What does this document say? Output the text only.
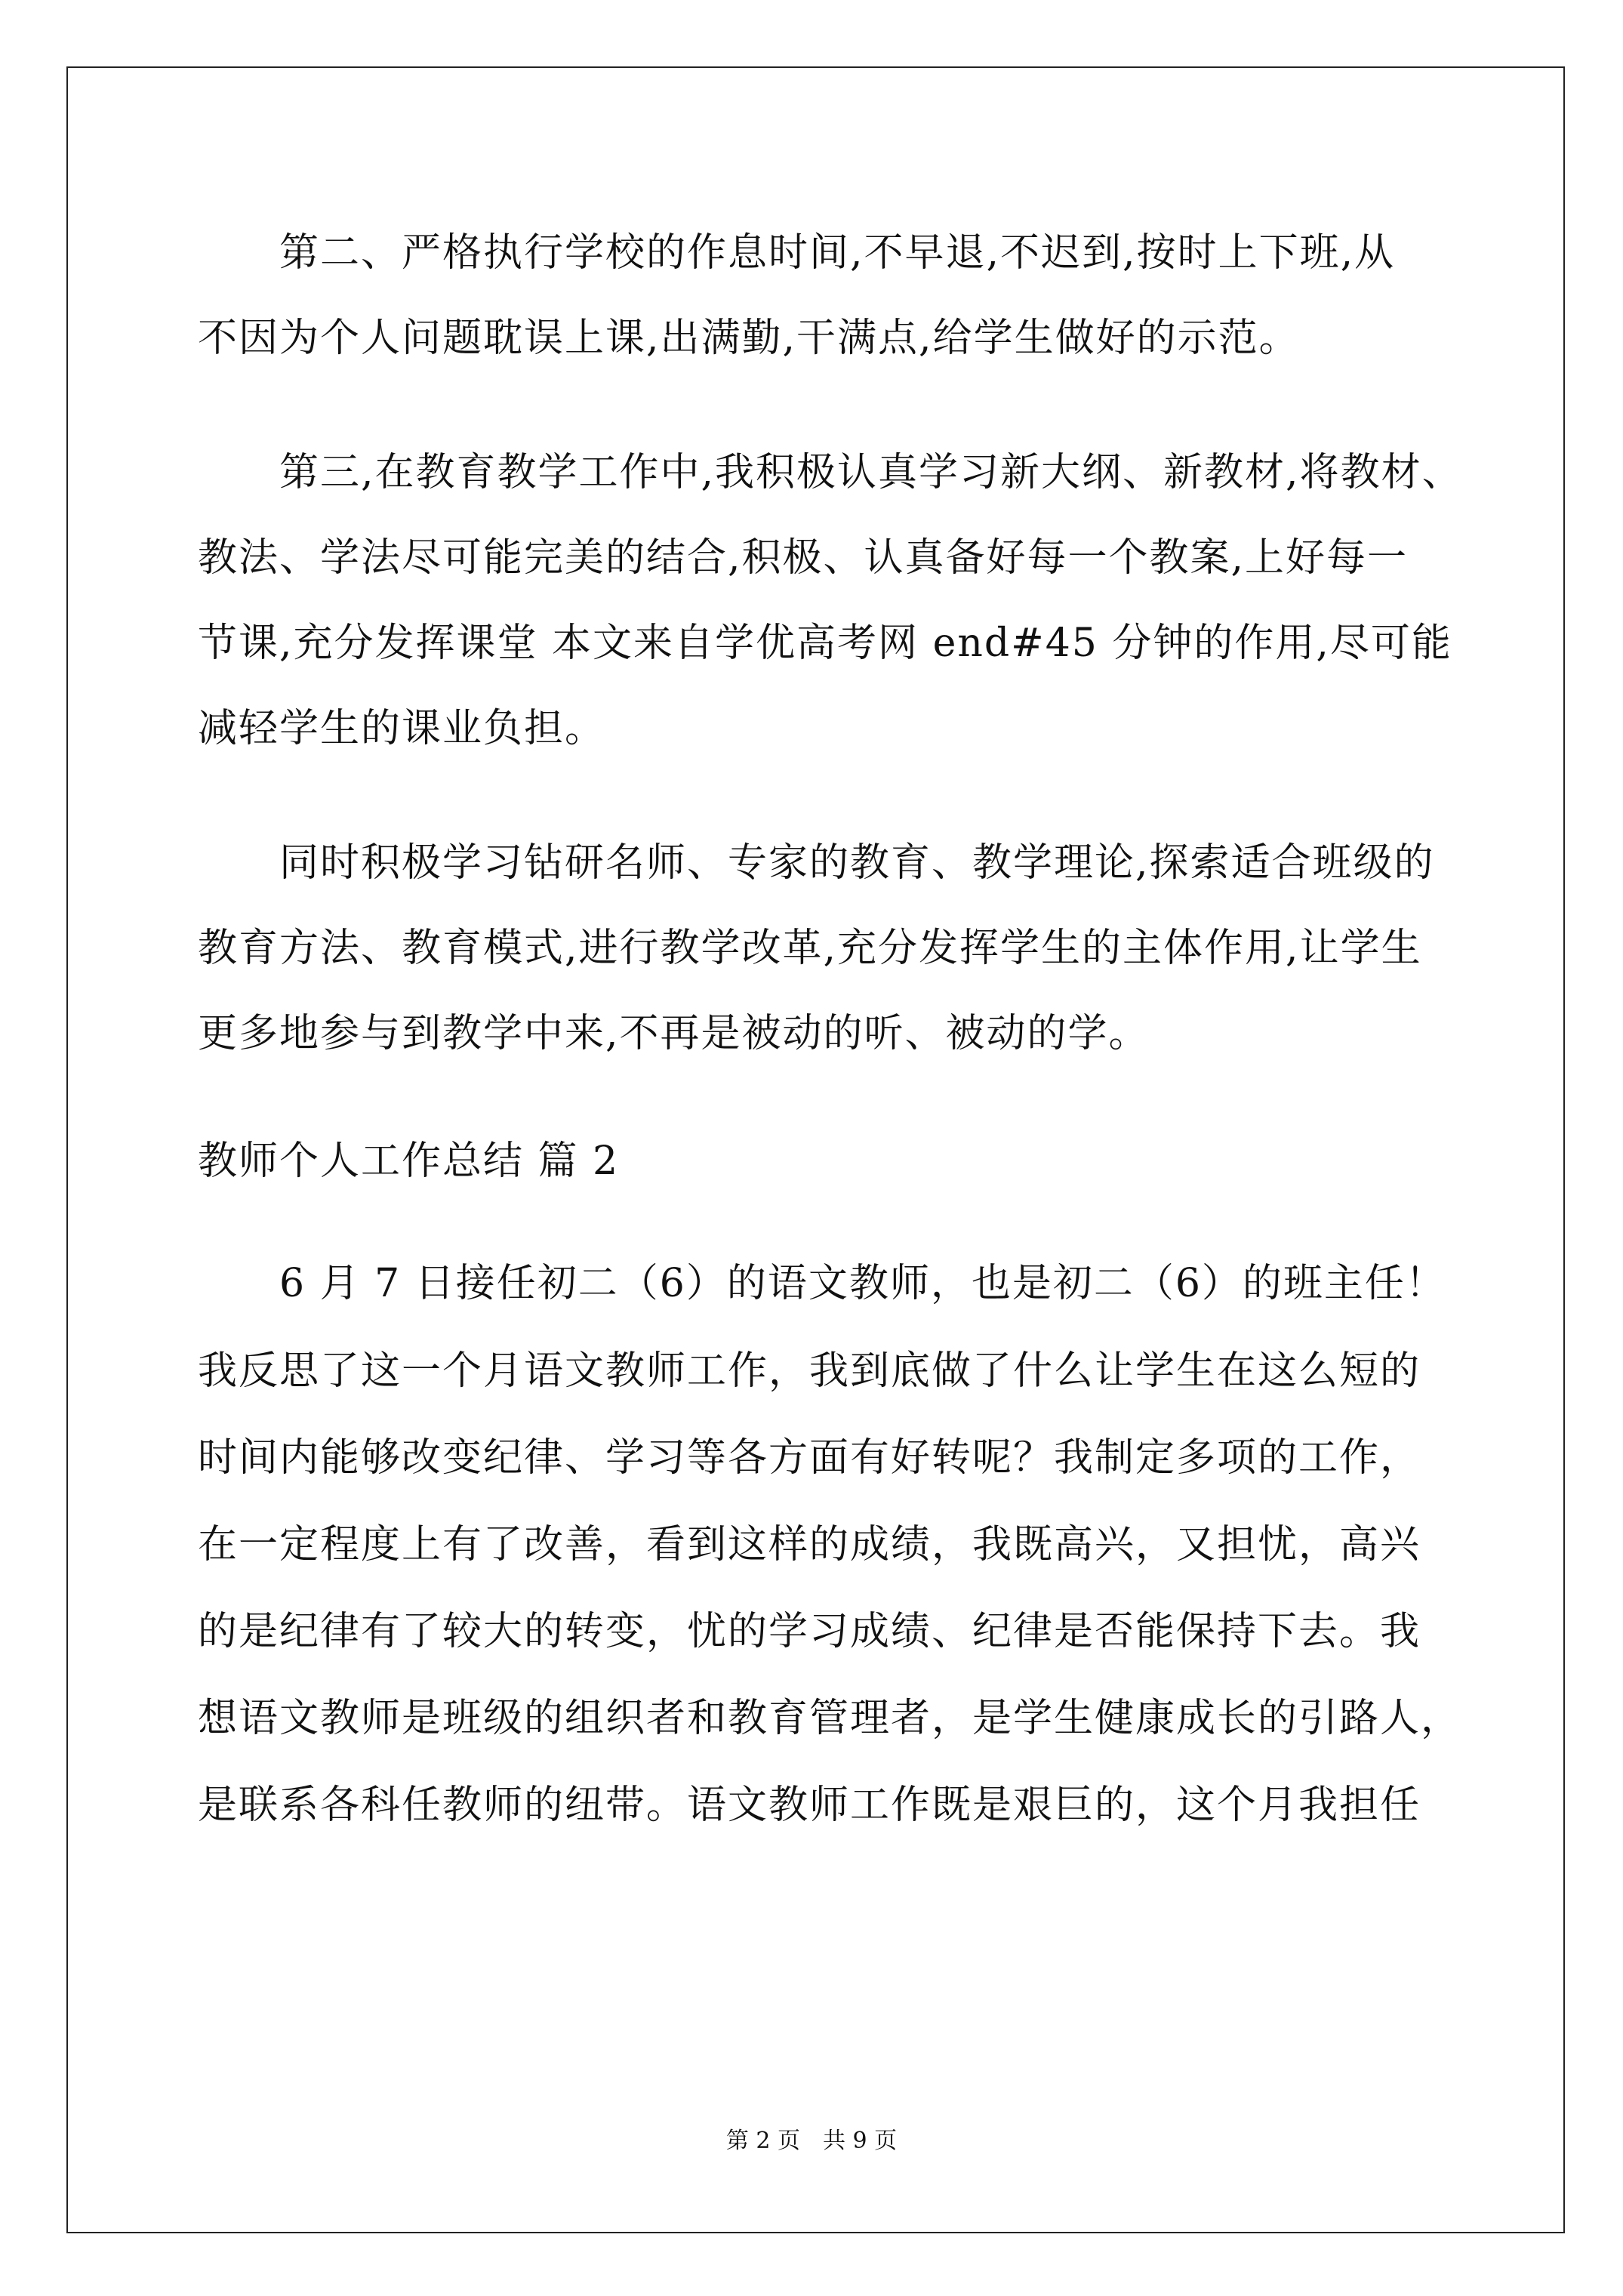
第二、严格执行学校的作息时间,不早退,不迟到,按时上下班,从
不因为个人问题耽误上课,出满勤,干满点,给学生做好的示范。
第三,在教育教学工作中,我积极认真学习新大纲、新教材,将教材、
教法、学法尽可能完美的结合,积极、认真备好每一个教案,上好每一
节课,充分发挥课堂 本文来自学优高考网 end#45 分钟的作用,尽可能
减轻学生的课业负担。
同时积极学习钻研名师、专家的教育、教学理论,探索适合班级的
教育方法、教育模式,进行教学改革,充分发挥学生的主体作用,让学生
更多地参与到教学中来,不再是被动的听、被动的学。
教师个人工作总结 篇 2
6 月 7 日接任初二（6）的语文教师，也是初二（6）的班主任！
我反思了这一个月语文教师工作，我到底做了什么让学生在这么短的
时间内能够改变纪律、学习等各方面有好转呢？我制定多项的工作，
在一定程度上有了改善，看到这样的成绩，我既高兴，又担忧，高兴
的是纪律有了较大的转变，忧的学习成绩、纪律是否能保持下去。我
想语文教师是班级的组织者和教育管理者，是学生健康成长的引路人，
是联系各科任教师的纽带。语文教师工作既是艰巨的，这个月我担任
第 2 页　共 9 页
